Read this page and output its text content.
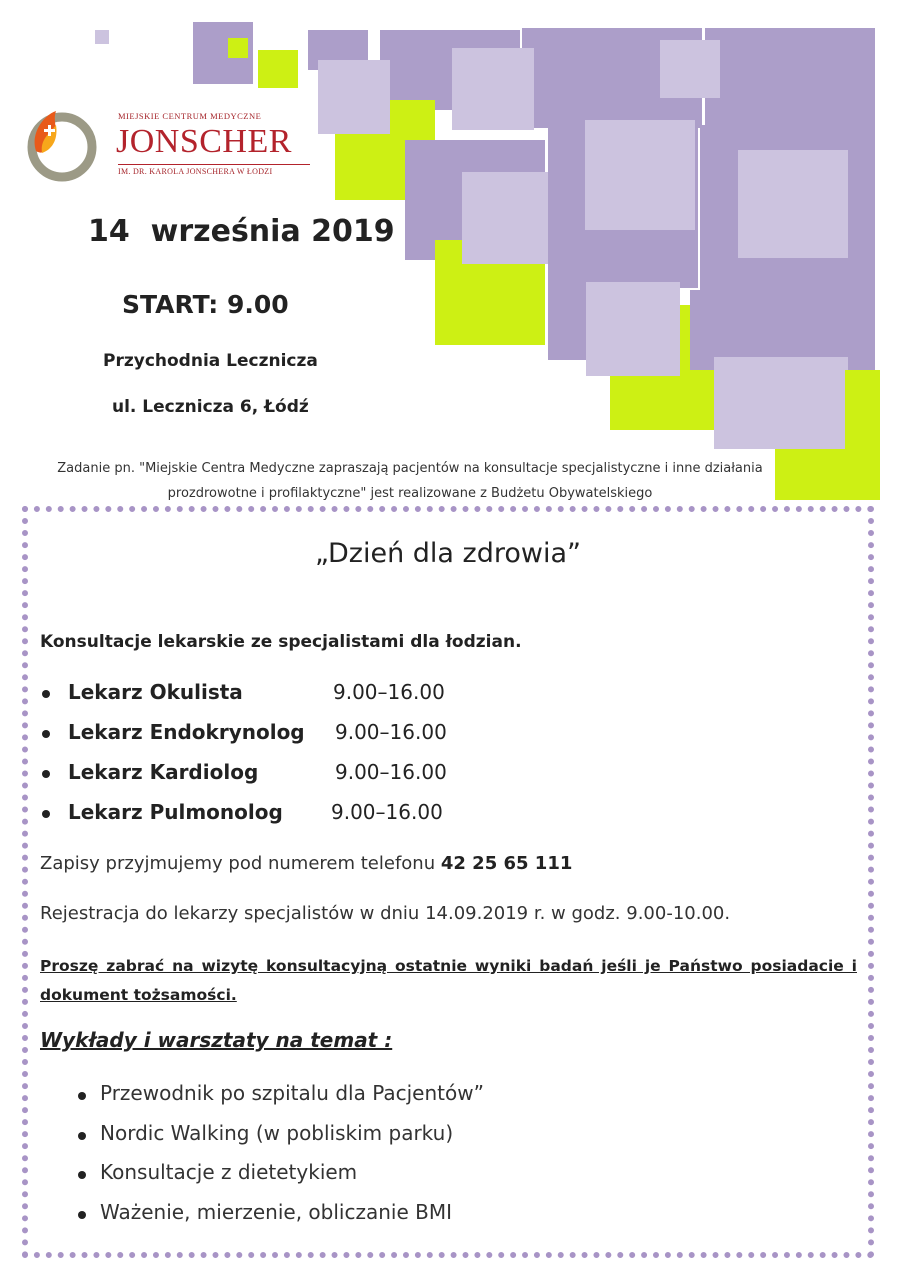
MIEJSKIE CENTRUM MEDYCZNE
JONSCHER
IM. DR. KAROLA JONSCHERA W ŁODZI
14  września 2019
START: 9.00
Przychodnia Lecznicza
ul. Lecznicza 6, Łódź
Zadanie pn. "Miejskie Centra Medyczne zapraszają pacjentów na konsultacje specjalistyczne i inne działania prozdrowotne i profilaktyczne" jest realizowane z Budżetu Obywatelskiego
„Dzień dla zdrowia”
Konsultacje lekarskie ze specjalistami dla łodzian.
Lekarz Okulista	9.00–16.00
Lekarz Endokrynolog 9.00–16.00
Lekarz Kardiolog	9.00–16.00
Lekarz Pulmonolog 9.00–16.00
Zapisy przyjmujemy pod numerem telefonu 42 25 65 111
Rejestracja do lekarzy specjalistów w dniu 14.09.2019 r. w godz. 9.00-10.00.
Proszę zabrać na wizytę konsultacyjną ostatnie wyniki badań jeśli je Państwo posiadacie i dokument tożsamości.
Wykłady i warsztaty na temat :
Przewodnik po szpitalu dla Pacjentów”
Nordic Walking (w pobliskim parku)
Konsultacje z dietetykiem
Ważenie, mierzenie, obliczanie BMI
